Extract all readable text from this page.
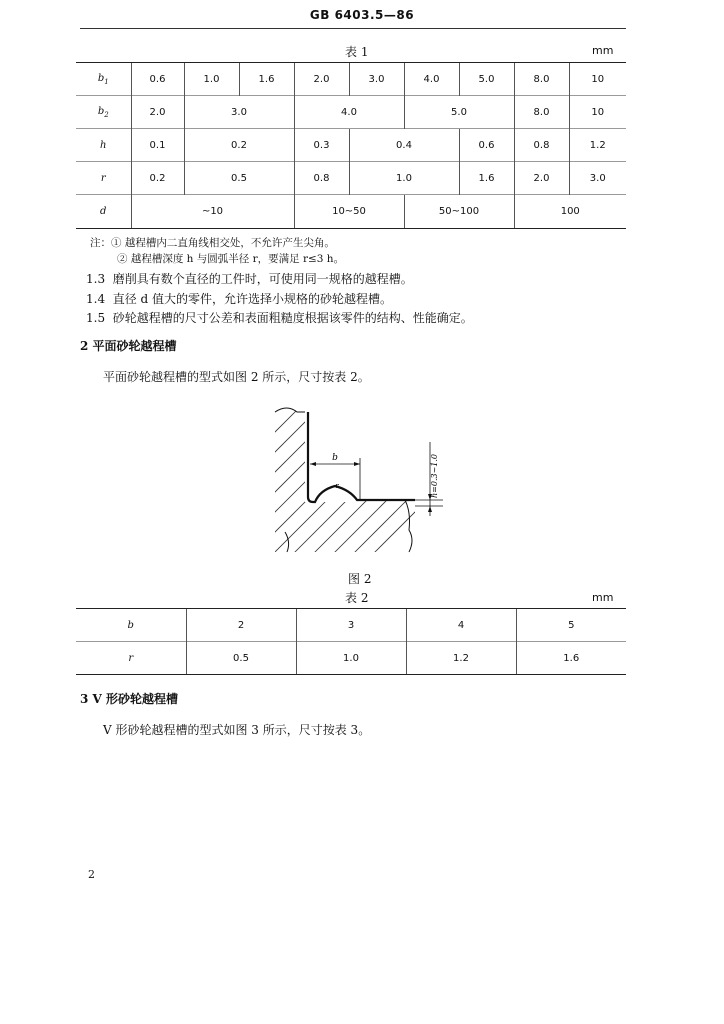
GB 6403.5—86
表 1	mm
$b_1$	0.6	1.0	1.6	2.0	3.0	4.0	5.0	8.0	10
$b_2$	2.0	3.0		4.0		5.0		8.0	10
h	0.1	0.2		0.3	0.4		0.6	0.8	1.2
r	0.2	0.5		0.8	1.0		1.6	2.0	3.0
d	~10			10~50		50~100		100	
注：① 越程槽内二直角线相交处，不允许产生尖角。
② 越程槽深度 h 与圆弧半径 r，要满足 r≤3 h。
1.3 磨削具有数个直径的工件时，可使用同一规格的越程槽。
1.4 直径 d 值大的零件，允许选择小规格的砂轮越程槽。
1.5 砂轮越程槽的尺寸公差和表面粗糙度根据该零件的结构、性能确定。
2 平面砂轮越程槽
平面砂轮越程槽的型式如图 2 所示，尺寸按表 2。
b
r	h=0.3~1.0
图 2
表 2	mm
b	2	3	4	5
r	0.5	1.0	1.2	1.6
3 V 形砂轮越程槽
V 形砂轮越程槽的型式如图 3 所示，尺寸按表 3。
2
